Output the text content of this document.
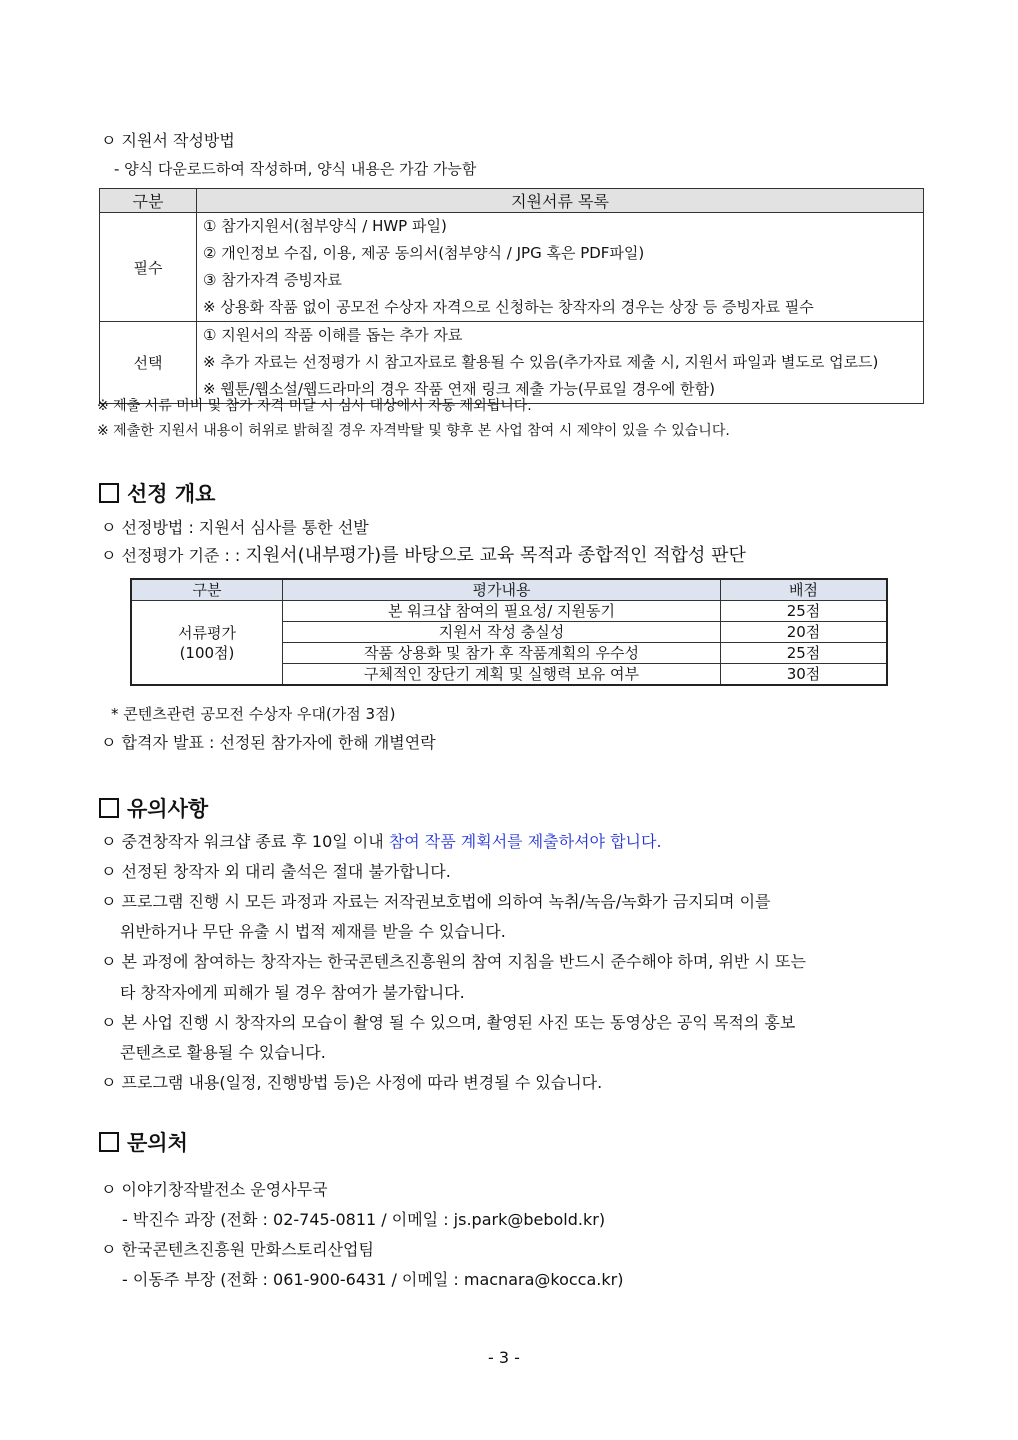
ㅇ 지원서 작성방법
- 양식 다운로드하여 작성하며, 양식 내용은 가감 가능함
구분	지원서류 목록
필수	① 참가지원서(첨부양식 / HWP 파일)
② 개인정보 수집, 이용, 제공 동의서(첨부양식 / JPG 혹은 PDF파일)
③ 참가자격 증빙자료
※ 상용화 작품 없이 공모전 수상자 자격으로 신청하는 창작자의 경우는 상장 등 증빙자료 필수

선택	① 지원서의 작품 이해를 돕는 추가 자료
※ 추가 자료는 선정평가 시 참고자료로 활용될 수 있음(추가자료 제출 시, 지원서 파일과 별도로 업로드)
※ 웹툰/웹소설/웹드라마의 경우 작품 연재 링크 제출 가능(무료일 경우에 한함)
※ 제출 서류 미비 및 참가 자격 미달 시 심사 대상에서 자동 제외됩니다.
※ 제출한 지원서 내용이 허위로 밝혀질 경우 자격박탈 및 향후 본 사업 참여 시 제약이 있을 수 있습니다.
선정 개요
ㅇ 선정방법 : 지원서 심사를 통한 선발
ㅇ 선정평가 기준 : : 지원서(내부평가)를 바탕으로 교육 목적과 종합적인 적합성 판단
구분	평가내용	배점

서류평가
(100점)	본 워크샵 참여의 필요성/ 지원동기	25점
	지원서 작성 충실성	20점
	작품 상용화 및 참가 후 작품계획의 우수성	25점
	구체적인 장단기 계획 및 실행력 보유 여부	30점
* 콘텐츠관련 공모전 수상자 우대(가점 3점)
ㅇ 합격자 발표 : 선정된 참가자에 한해 개별연락
유의사항
ㅇ 중견창작자 워크샵 종료 후 10일 이내 참여 작품 계획서를 제출하셔야 합니다.
ㅇ 선정된 창작자 외 대리 출석은 절대 불가합니다.
ㅇ 프로그램 진행 시 모든 과정과 자료는 저작권보호법에 의하여 녹취/녹음/녹화가 금지되며 이를
위반하거나 무단 유출 시 법적 제재를 받을 수 있습니다.
ㅇ 본 과정에 참여하는 창작자는 한국콘텐츠진흥원의 참여 지침을 반드시 준수해야 하며, 위반 시 또는
타 창작자에게 피해가 될 경우 참여가 불가합니다.
ㅇ 본 사업 진행 시 창작자의 모습이 촬영 될 수 있으며, 촬영된 사진 또는 동영상은 공익 목적의 홍보
콘텐츠로 활용될 수 있습니다.
ㅇ 프로그램 내용(일정, 진행방법 등)은 사정에 따라 변경될 수 있습니다.
문의처
ㅇ 이야기창작발전소 운영사무국
- 박진수 과장 (전화 : 02-745-0811 / 이메일 : js.park@bebold.kr)
ㅇ 한국콘텐츠진흥원 만화스토리산업팀
- 이동주 부장 (전화 : 061-900-6431 / 이메일 : macnara@kocca.kr)
- 3 -
